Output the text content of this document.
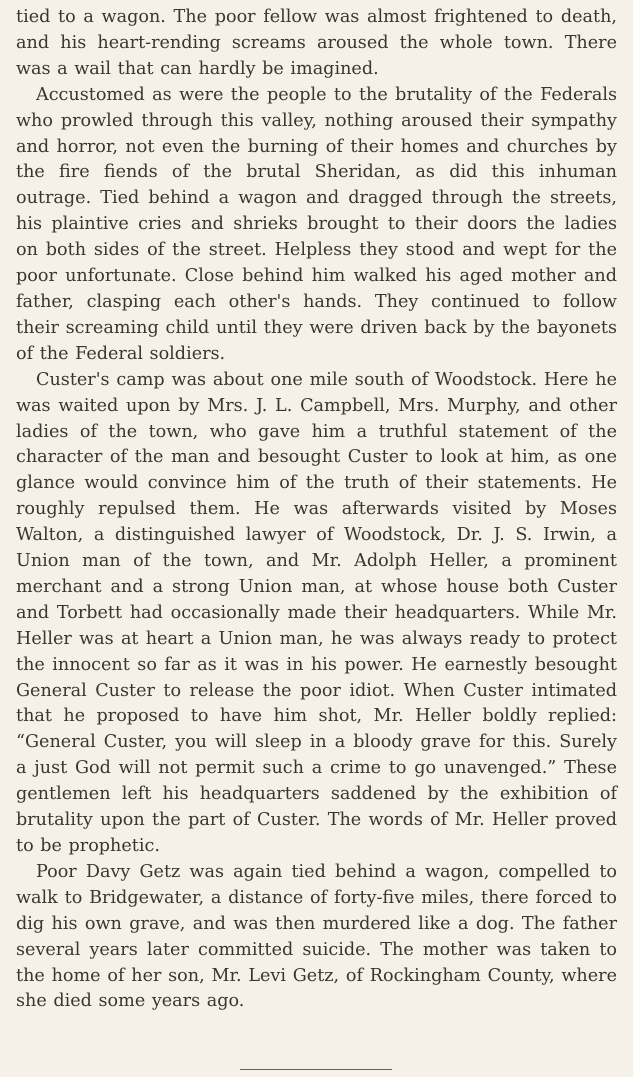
tied to a wagon. The poor fellow was almost frightened to death, and his heart-rending screams aroused the whole town. There was a wail that can hardly be imagined.

Accustomed as were the people to the brutality of the Federals who prowled through this valley, nothing aroused their sympathy and horror, not even the burning of their homes and churches by the fire fiends of the brutal Sheridan, as did this inhuman outrage. Tied behind a wagon and dragged through the streets, his plaintive cries and shrieks brought to their doors the ladies on both sides of the street. Helpless they stood and wept for the poor unfortunate. Close behind him walked his aged mother and father, clasping each other's hands. They continued to follow their screaming child until they were driven back by the bayonets of the Federal soldiers.

Custer's camp was about one mile south of Woodstock. Here he was waited upon by Mrs. J. L. Campbell, Mrs. Murphy, and other ladies of the town, who gave him a truthful statement of the character of the man and besought Custer to look at him, as one glance would convince him of the truth of their statements. He roughly repulsed them. He was afterwards visited by Moses Walton, a distinguished lawyer of Woodstock, Dr. J. S. Irwin, a Union man of the town, and Mr. Adolph Heller, a prominent merchant and a strong Union man, at whose house both Custer and Torbett had occasionally made their headquarters. While Mr. Heller was at heart a Union man, he was always ready to protect the innocent so far as it was in his power. He earnestly besought General Custer to release the poor idiot. When Custer intimated that he proposed to have him shot, Mr. Heller boldly replied: “General Custer, you will sleep in a bloody grave for this. Surely a just God will not permit such a crime to go unavenged.” These gentlemen left his headquarters saddened by the exhibition of brutality upon the part of Custer. The words of Mr. Heller proved to be prophetic.

Poor Davy Getz was again tied behind a wagon, compelled to walk to Bridgewater, a distance of forty-five miles, there forced to dig his own grave, and was then murdered like a dog. The father several years later committed suicide. The mother was taken to the home of her son, Mr. Levi Getz, of Rockingham County, where she died some years ago.
